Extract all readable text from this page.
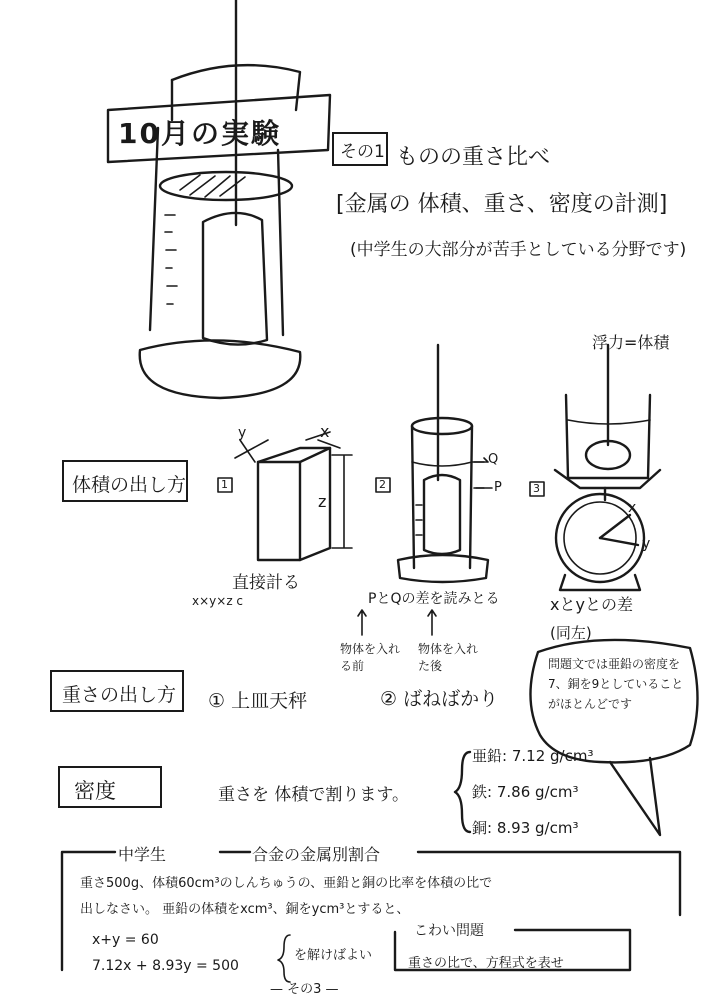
10月の実験
その1 ものの重さ比べ
[金属の 体積、重さ、密度の計測]
(中学生の大部分が苦手としている分野です)
体積の出し方	1
y	x
z
直接計る
x×y×z c
2
Q
P
PとQの差を読みとる
物体を入れる前
物体を入れた後
3
浮力=体積
x
y
xとyとの差
(同左)
重さの出し方 ① 上皿天秤	② ばねばかり
密度	重さを 体積で割ります。
亜鉛: 7.12 g/cm³
鉄: 7.86 g/cm³
銅: 8.93 g/cm³
問題文では亜鉛の密度を7、銅を9としていることがほとんどです
中学生	合金の金属別割合
重さ500g、体積60cm³のしんちゅうの、亜鉛と銅の比率を体積の比で
出しなさい。 亜鉛の体積をxcm³、銅をycm³とすると、
x+y = 60
7.12x + 8.93y = 500
を解けばよい
こわい問題
重さの比で、方程式を表せ
— その3 —
